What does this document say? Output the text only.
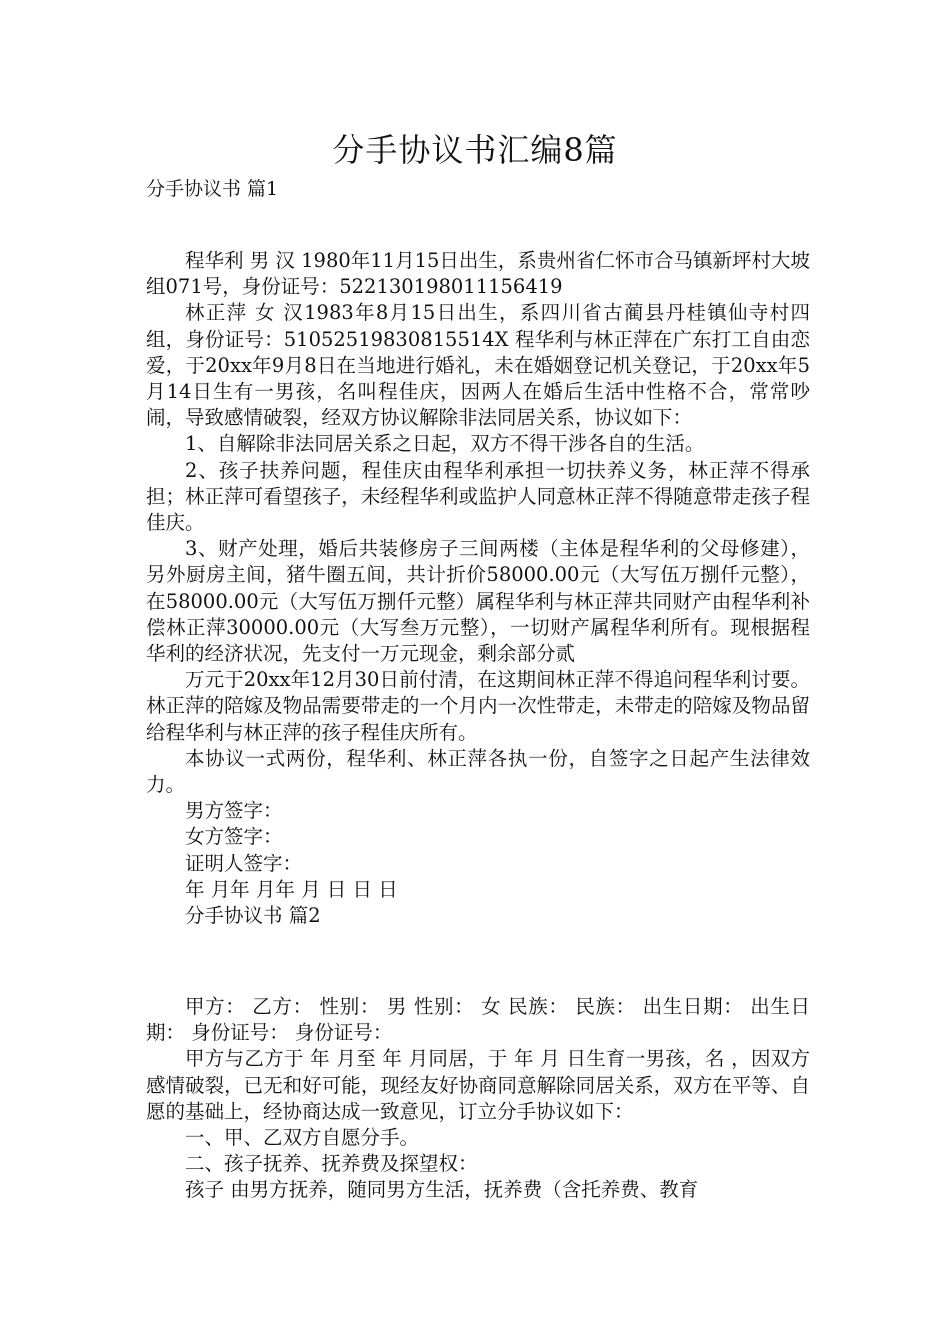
分手协议书汇编8篇
分手协议书 篇1

程华利 男 汉 1980年11月15日出生，系贵州省仁怀市合马镇新坪村大坡组071号，身份证号：522130198011156419

林正萍 女 汉1983年8月15日出生，系四川省古蔺县丹桂镇仙寺村四组，身份证号：51052519830815514X 程华利与林正萍在广东打工自由恋爱，于20xx年9月8日在当地进行婚礼，未在婚姻登记机关登记，于20xx年5月14日生有一男孩，名叫程佳庆，因两人在婚后生活中性格不合，常常吵闹，导致感情破裂，经双方协议解除非法同居关系，协议如下：

1、自解除非法同居关系之日起，双方不得干涉各自的生活。

2、孩子扶养问题，程佳庆由程华利承担一切扶养义务，林正萍不得承担；林正萍可看望孩子，未经程华利或监护人同意林正萍不得随意带走孩子程佳庆。

3、财产处理，婚后共装修房子三间两楼（主体是程华利的父母修建），另外厨房主间，猪牛圈五间，共计折价58000.00元（大写伍万捌仟元整），在58000.00元（大写伍万捌仟元整）属程华利与林正萍共同财产由程华利补偿林正萍30000.00元（大写叁万元整），一切财产属程华利所有。现根据程华利的经济状况，先支付一万元现金，剩余部分贰

万元于20xx年12月30日前付清，在这期间林正萍不得追问程华利讨要。林正萍的陪嫁及物品需要带走的一个月内一次性带走，未带走的陪嫁及物品留给程华利与林正萍的孩子程佳庆所有。

本协议一式两份，程华利、林正萍各执一份，自签字之日起产生法律效力。

男方签字：

女方签字：

证明人签字：

年 月年 月年 月 日 日 日

分手协议书 篇2

甲方： 乙方： 性别： 男 性别： 女 民族： 民族： 出生日期： 出生日期： 身份证号： 身份证号：

甲方与乙方于 年 月至 年 月同居，于 年 月 日生育一男孩，名 ，因双方感情破裂，已无和好可能，现经友好协商同意解除同居关系，双方在平等、自愿的基础上，经协商达成一致意见，订立分手协议如下：

一、甲、乙双方自愿分手。

二、孩子抚养、抚养费及探望权：

孩子 由男方抚养，随同男方生活，抚养费（含托养费、教育
